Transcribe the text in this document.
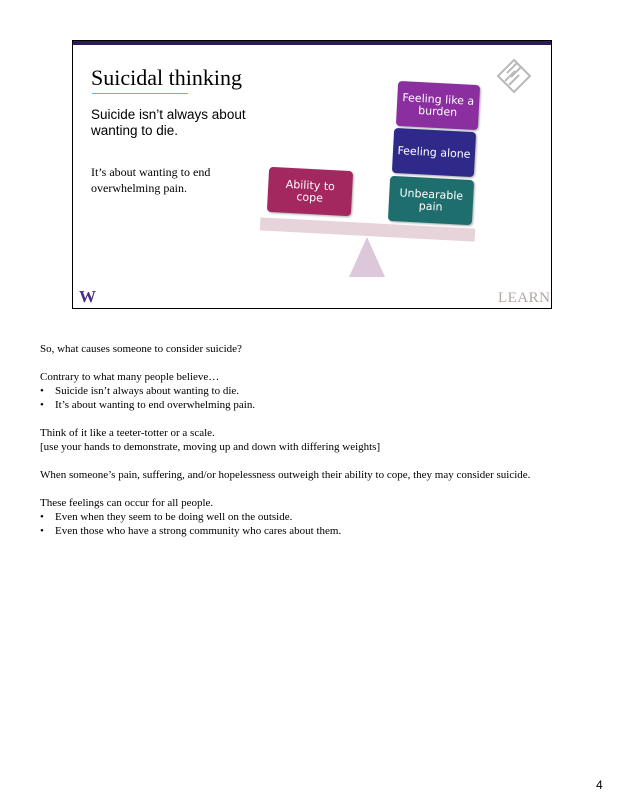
Suicidal thinking
Suicide isn’t always about wanting to die.
It’s about wanting to end overwhelming pain.
Feeling like a burden
Feeling alone
Unbearable pain
Ability to cope
W	LEARN

So, what causes someone to consider suicide?

Contrary to what many people believe…

• Suicide isn’t always about wanting to die.

• It’s about wanting to end overwhelming pain.

Think of it like a teeter-totter or a scale.

[use your hands to demonstrate, moving up and down with differing weights]

When someone’s pain, suffering, and/or hopelessness outweigh their ability to cope, they may consider suicide.

These feelings can occur for all people.

• Even when they seem to be doing well on the outside.

• Even those who have a strong community who cares about them.

4
